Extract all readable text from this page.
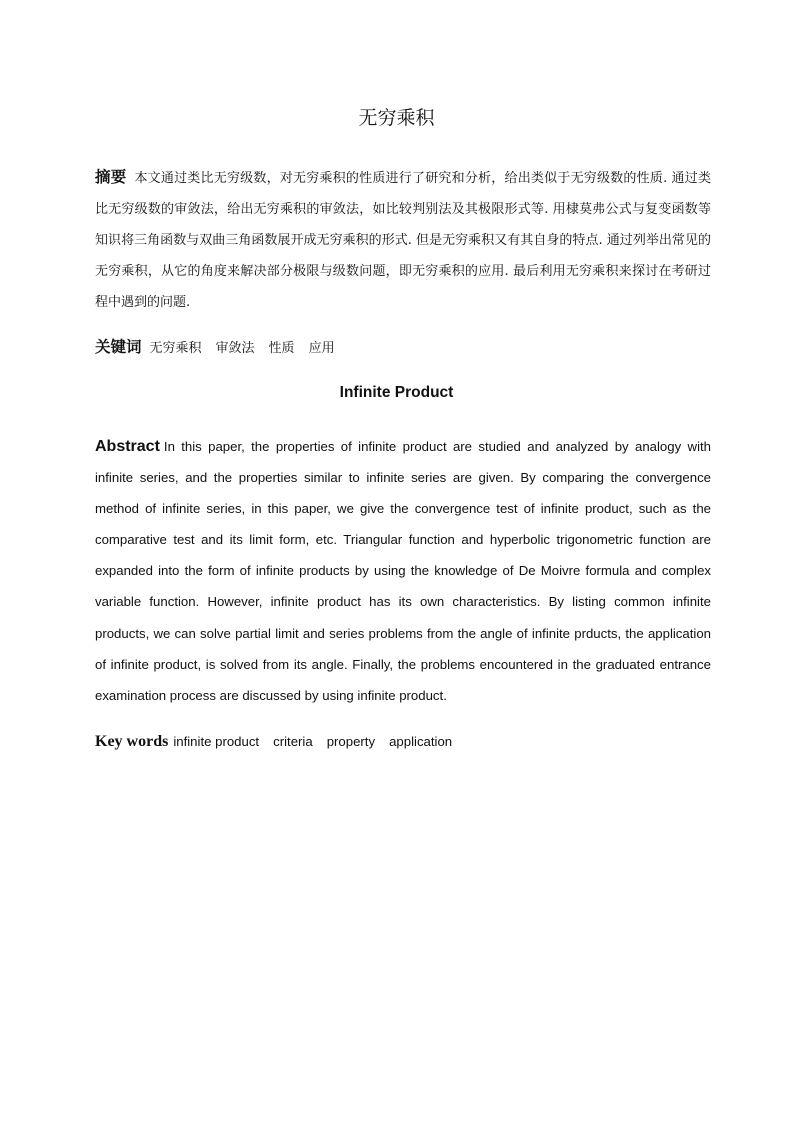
无穷乘积
摘要 本文通过类比无穷级数，对无穷乘积的性质进行了研究和分析，给出类似于无穷级数的性质. 通过类比无穷级数的审敛法，给出无穷乘积的审敛法，如比较判别法及其极限形式等. 用棣莫弗公式与复变函数等知识将三角函数与双曲三角函数展开成无穷乘积的形式. 但是无穷乘积又有其自身的特点. 通过列举出常见的无穷乘积，从它的角度来解决部分极限与级数问题，即无穷乘积的应用. 最后利用无穷乘积来探讨在考研过程中遇到的问题.
关键词 无穷乘积 审敛法 性质 应用
Infinite Product
Abstract In this paper, the properties of infinite product are studied and analyzed by analogy with infinite series, and the properties similar to infinite series are given. By comparing the convergence method of infinite series, in this paper, we give the convergence test of infinite product, such as the comparative test and its limit form, etc. Triangular function and hyperbolic trigonometric function are expanded into the form of infinite products by using the knowledge of De Moivre formula and complex variable function. However, infinite product has its own characteristics. By listing common infinite products, we can solve partial limit and series problems from the angle of infinite prducts, the application of infinite product, is solved from its angle. Finally, the problems encountered in the graduated entrance examination process are discussed by using infinite product.
Key words infinite product criteria property application
